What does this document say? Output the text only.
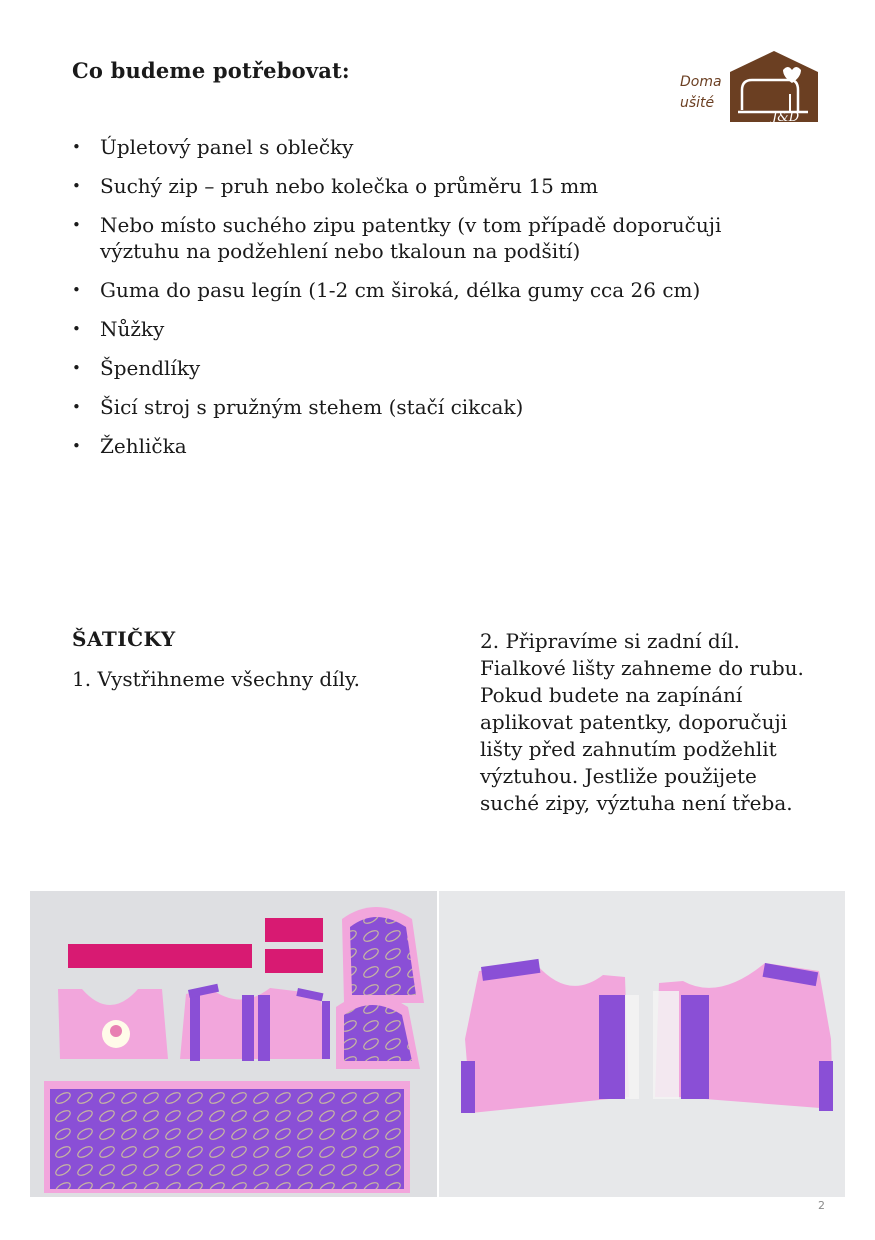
Co budeme potřebovat:	Doma
ušité
J&D
• Úpletový panel s oblečky
• Suchý zip – pruh nebo kolečka o průměru 15 mm
• Nebo místo suchého zipu patentky (v tom případě doporučuji výztuhu na podžehlení nebo tkaloun na podšití)
• Guma do pasu legín (1-2 cm široká, délka gumy cca 26 cm)
• Nůžky
• Špendlíky
• Šicí stroj s pružným stehem (stačí cikcak)
• Žehlička
ŠATIČKY
1. Vystřihneme všechny díly.
2. Připravíme si zadní díl. Fialkové lišty zahneme do rubu. Pokud budete na zapínání aplikovat patentky, doporučuji lišty před zahnutím podžehlit výztuhou. Jestliže použijete suché zipy, výztuha není třeba.
2
